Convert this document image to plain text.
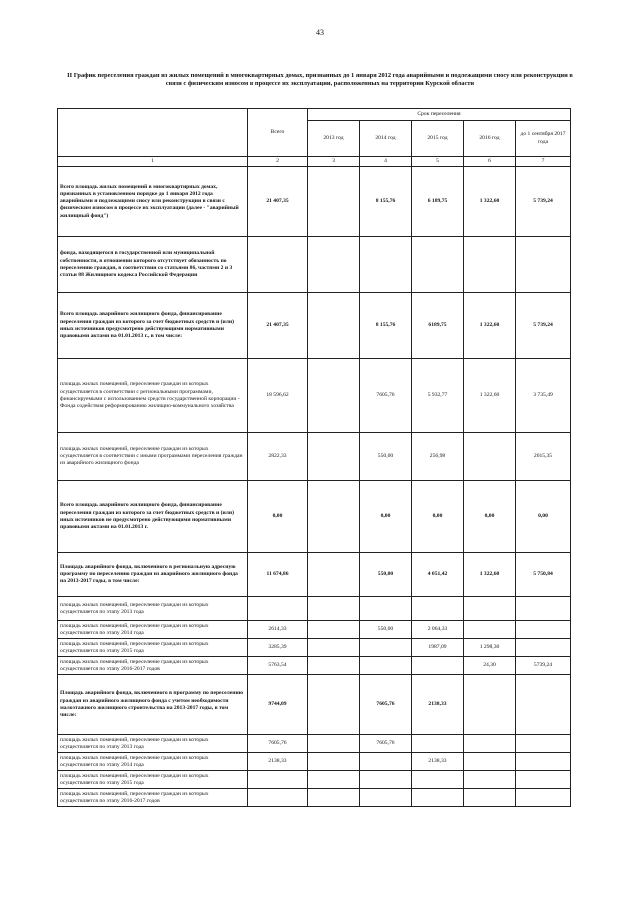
43
II График переселения граждан из жилых помещений в многоквартирных домах, признанных до 1 января 2012 года аварийными и подлежащими сносу или реконструкции в связи с физическим износом в процессе их эксплуатации, расположенных на территории Курской области
	Всего	Срок переселения				
		2013 год	2014 год	2015 год	2016 год	до 1 сентября 2017 года
1	2	3	4	5	6	7
Всего площадь жилых помещений в многоквартирных домах, признанных в установленном порядке до 1 января 2012 года аварийными и подлежащими сносу или реконструкции в связи с физическим износом в процессе их эксплуатации (далее - "аварийный жилищный фонд")	21 407,35		8 155,76	6 189,75	1 322,60	5 739,24
фонда, находящегося в государственной или муниципальной собственности, в отношении которого отсутствует обязанность по переселению граждан, в соответствии со статьями 86, частями 2 и 3 статьи 88 Жилищного кодекса Российской Федерации						
Всего площадь аварийного жилищного фонда, финансирование переселения граждан из которого за счет бюджетных средств и (или) иных источников предусмотрено действующими нормативными правовыми актами на 01.01.2013 г., в том числе:	21 407,35		8 155,76	6189,75	1 322,60	5 739,24
площадь жилых помещений, переселение граждан из которых осуществляется в соответствии с региональными программами, финансируемыми с использованием средств государственной корпорации - Фонда содействия реформированию жилищно-коммунального хозяйства	18 596,62		7605,76	5 932,77	1 322,60	3 735,49
площадь жилых помещений, переселение граждан из которых осуществляется в соответствии с иными программами переселения граждан из аварийного жилищного фонда	2822,33		550,00	256,98		2015,35
Всего площадь аварийного жилищного фонда, финансирование переселения граждан из которого за счет бюджетных средств и (или) иных источников не предусмотрено действующими нормативными правовыми актами на 01.01.2013 г.	0,00		0,00	0,00	0,00	0,00
Площадь аварийного фонда, включенного в региональную адресную программу по переселению граждан из аварийного жилищного фонда на 2013-2017 годы, в том числе:	11 674,86		550,00	4 051,42	1 322,60	5 750,84
площадь жилых помещений, переселение граждан из которых осуществляется по этапу 2013 года						
площадь жилых помещений, переселение граждан из которых осуществляется по этапу 2014 года	2614,33		550,00	2 064,33		
площадь жилых помещений, переселение граждан из которых осуществляется по этапу 2015 года	3285,39			1987,09	1 298,30	
площадь жилых помещений, переселение граждан из которых осуществляется по этапу 2016-2017 годов	5763,54				24,30	5739,24
Площадь аварийного фонда, включенного в программу по переселению граждан из аварийного жилищного фонда с учетом необходимости малоэтажного жилищного строительства на 2013-2017 годы, в том числе:	9744,09		7605,76	2138,33		
площадь жилых помещений, переселение граждан из которых осуществляется по этапу 2013 года	7605,76		7605,76			
площадь жилых помещений, переселение граждан из которых осуществляется по этапу 2014 года	2138,33			2138,33		
площадь жилых помещений, переселение граждан из которых осуществляется по этапу 2015 года						
площадь жилых помещений, переселение граждан из которых осуществляется по этапу 2016-2017 годов						
